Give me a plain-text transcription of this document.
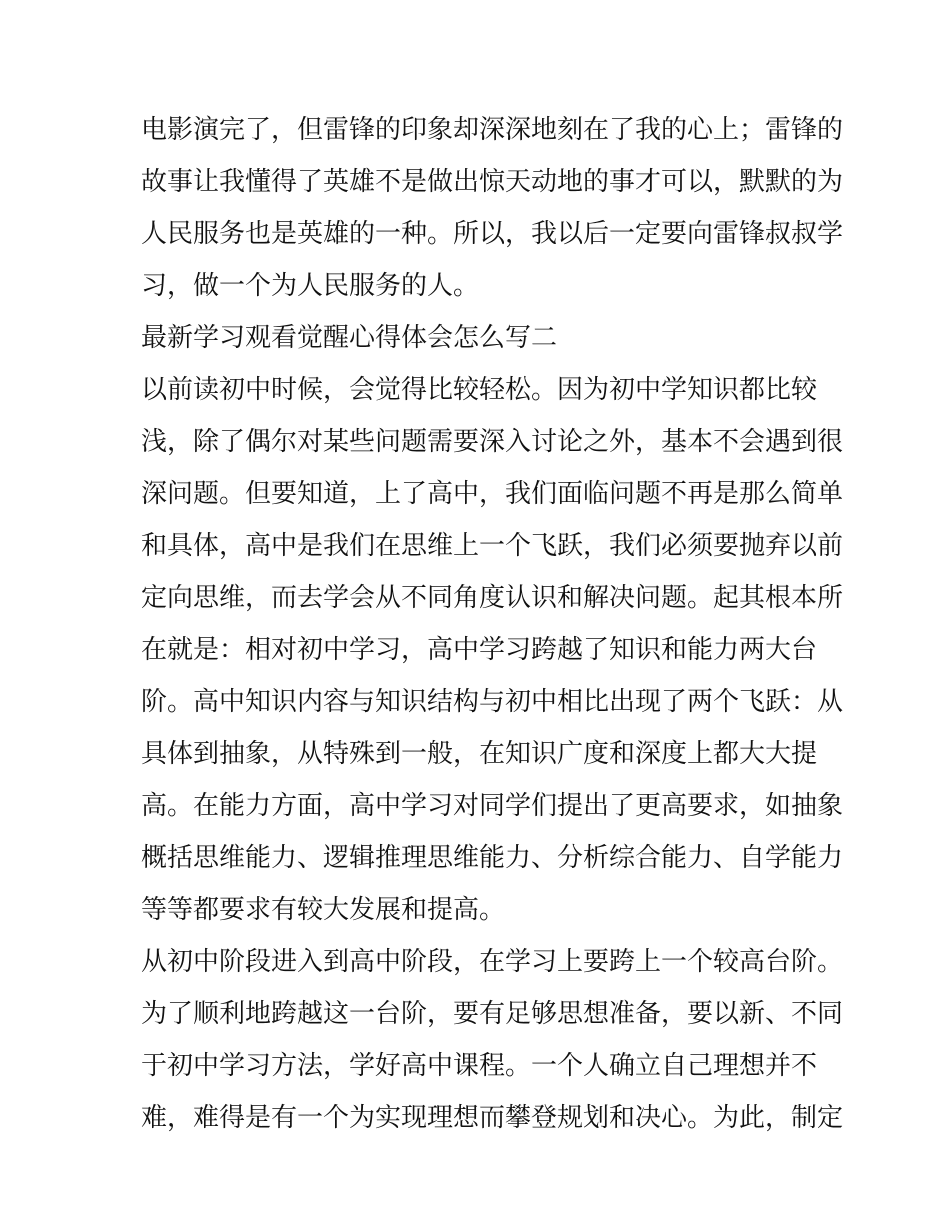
电影演完了，但雷锋的印象却深深地刻在了我的心上；雷锋的
故事让我懂得了英雄不是做出惊天动地的事才可以，默默的为
人民服务也是英雄的一种。所以，我以后一定要向雷锋叔叔学
习，做一个为人民服务的人。
最新学习观看觉醒心得体会怎么写二
以前读初中时候，会觉得比较轻松。因为初中学知识都比较
浅，除了偶尔对某些问题需要深入讨论之外，基本不会遇到很
深问题。但要知道，上了高中，我们面临问题不再是那么简单
和具体，高中是我们在思维上一个飞跃，我们必须要抛弃以前
定向思维，而去学会从不同角度认识和解决问题。起其根本所
在就是：相对初中学习，高中学习跨越了知识和能力两大台
阶。高中知识内容与知识结构与初中相比出现了两个飞跃：从
具体到抽象，从特殊到一般，在知识广度和深度上都大大提
高。在能力方面，高中学习对同学们提出了更高要求，如抽象
概括思维能力、逻辑推理思维能力、分析综合能力、自学能力
等等都要求有较大发展和提高。
从初中阶段进入到高中阶段，在学习上要跨上一个较高台阶。
为了顺利地跨越这一台阶，要有足够思想准备，要以新、不同
于初中学习方法，学好高中课程。一个人确立自己理想并不
难，难得是有一个为实现理想而攀登规划和决心。为此，制定
